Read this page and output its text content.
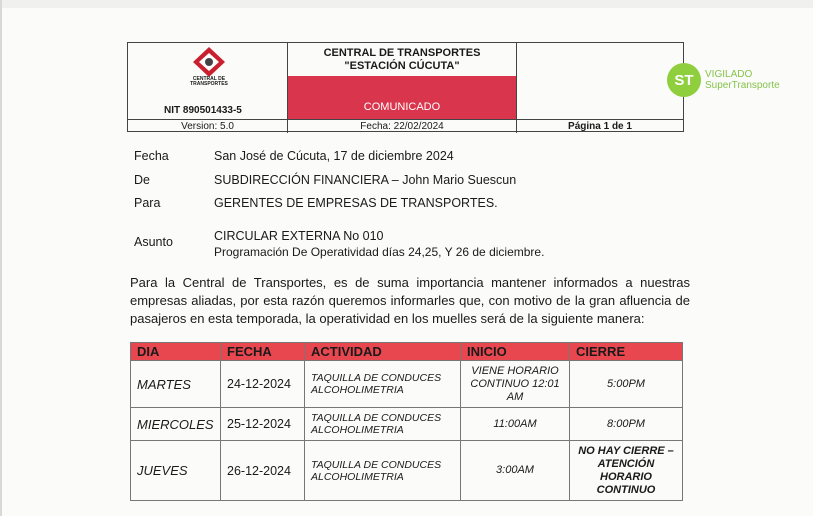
CENTRAL DE TRANSPORTES
NIT 890501433-5
CENTRAL DE TRANSPORTES "ESTACIÓN CÚCUTA"
COMUNICADO
ST	VIGILADO
SuperTransporte
Version: 5.0	Fecha: 22/02/2024	Página 1 de 1
Fecha	San José de Cúcuta, 17 de diciembre 2024
De	SUBDIRECCIÓN FINANCIERA – John Mario Suescun
Para	GERENTES DE EMPRESAS DE TRANSPORTES.
Asunto	CIRCULAR EXTERNA No 010
Programación De Operatividad días 24,25, Y 26 de diciembre.
Para la Central de Transportes, es de suma importancia mantener informados a nuestras empresas aliadas, por esta razón queremos informarles que, con motivo de la gran afluencia de pasajeros en esta temporada, la operatividad en los muelles será de la siguiente manera:
DIA	FECHA	ACTIVIDAD	INICIO	CIERRE
MARTES	24-12-2024	TAQUILLA DE CONDUCES ALCOHOLIMETRIA	VIENE HORARIO CONTINUO 12:01 AM	5:00PM
MIERCOLES	25-12-2024	TAQUILLA DE CONDUCES ALCOHOLIMETRIA	11:00AM	8:00PM
JUEVES	26-12-2024	TAQUILLA DE CONDUCES ALCOHOLIMETRIA	3:00AM	NO HAY CIERRE – ATENCIÓN HORARIO CONTINUO
